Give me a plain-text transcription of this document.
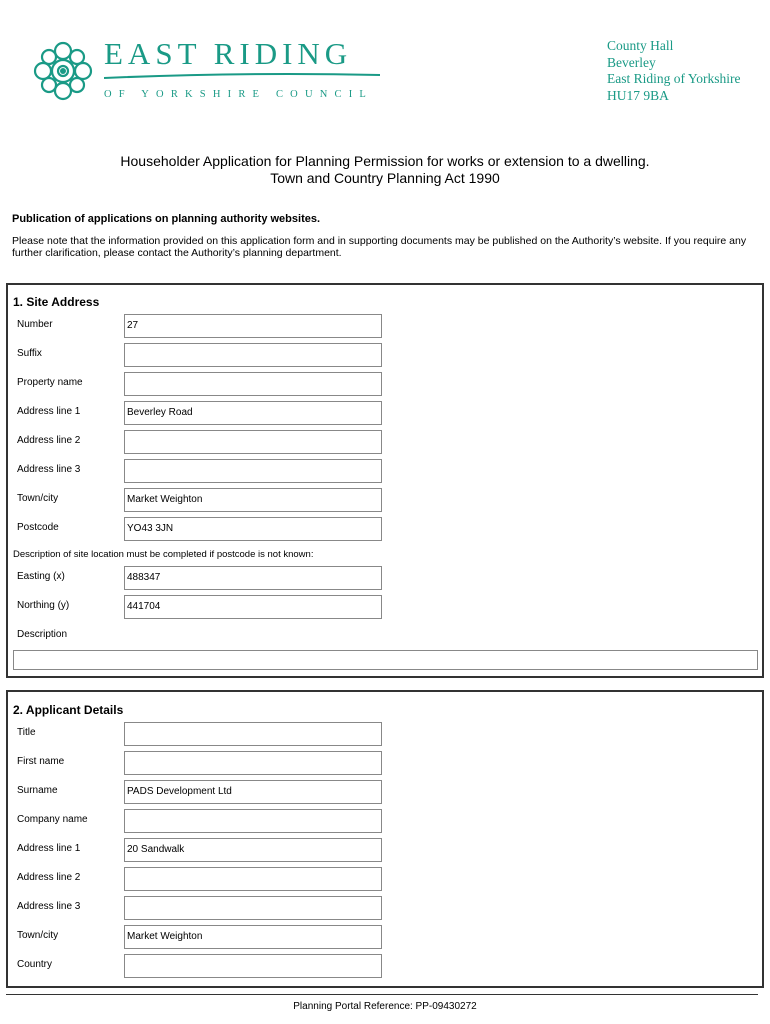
EAST RIDING
OF YORKSHIRE COUNCIL
County Hall
Beverley
East Riding of Yorkshire
HU17 9BA
Householder Application for Planning Permission for works or extension to a dwelling.
Town and Country Planning Act 1990
Publication of applications on planning authority websites.
Please note that the information provided on this application form and in supporting documents may be published on the Authority’s website. If you require any further clarification, please contact the Authority’s planning department.
1. Site Address
Number	27
Suffix
Property name
Address line 1	Beverley Road
Address line 2
Address line 3
Town/city	Market Weighton
Postcode	YO43 3JN
Description of site location must be completed if postcode is not known:
Easting (x)	488347
Northing (y)	441704
Description
2. Applicant Details
Title
First name
Surname	PADS Development Ltd
Company name
Address line 1	20 Sandwalk
Address line 2
Address line 3
Town/city	Market Weighton
Country
Planning Portal Reference: PP-09430272
